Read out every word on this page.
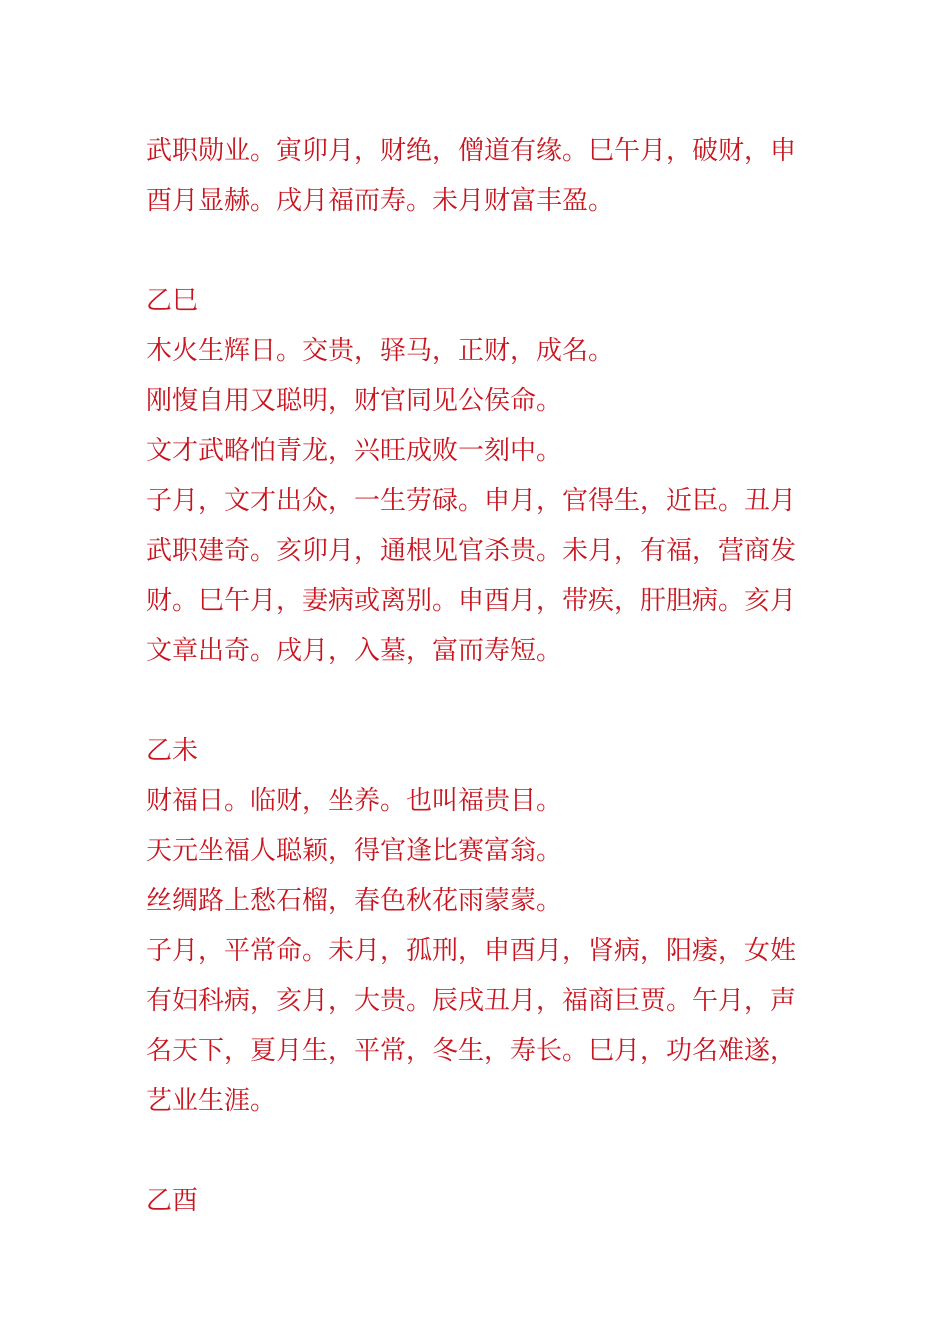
武职勋业。寅卯月，财绝，僧道有缘。巳午月，破财，申
酉月显赫。戌月福而寿。未月财富丰盈。
乙巳
木火生辉日。交贵，驿马，正财，成名。
刚愎自用又聪明，财官同见公侯命。
文才武略怕青龙，兴旺成败一刻中。
子月，文才出众，一生劳碌。申月，官得生，近臣。丑月
武职建奇。亥卯月，通根见官杀贵。未月，有福，营商发
财。巳午月，妻病或离别。申酉月，带疾，肝胆病。亥月
文章出奇。戌月，入墓，富而寿短。
乙未
财福日。临财，坐养。也叫福贵目。
天元坐福人聪颖，得官逢比赛富翁。
丝绸路上愁石榴，春色秋花雨蒙蒙。
子月，平常命。未月，孤刑，申酉月，肾病，阳痿，女姓
有妇科病，亥月，大贵。辰戌丑月，福商巨贾。午月，声
名天下，夏月生，平常，冬生，寿长。巳月，功名难遂，
艺业生涯。
乙酉
